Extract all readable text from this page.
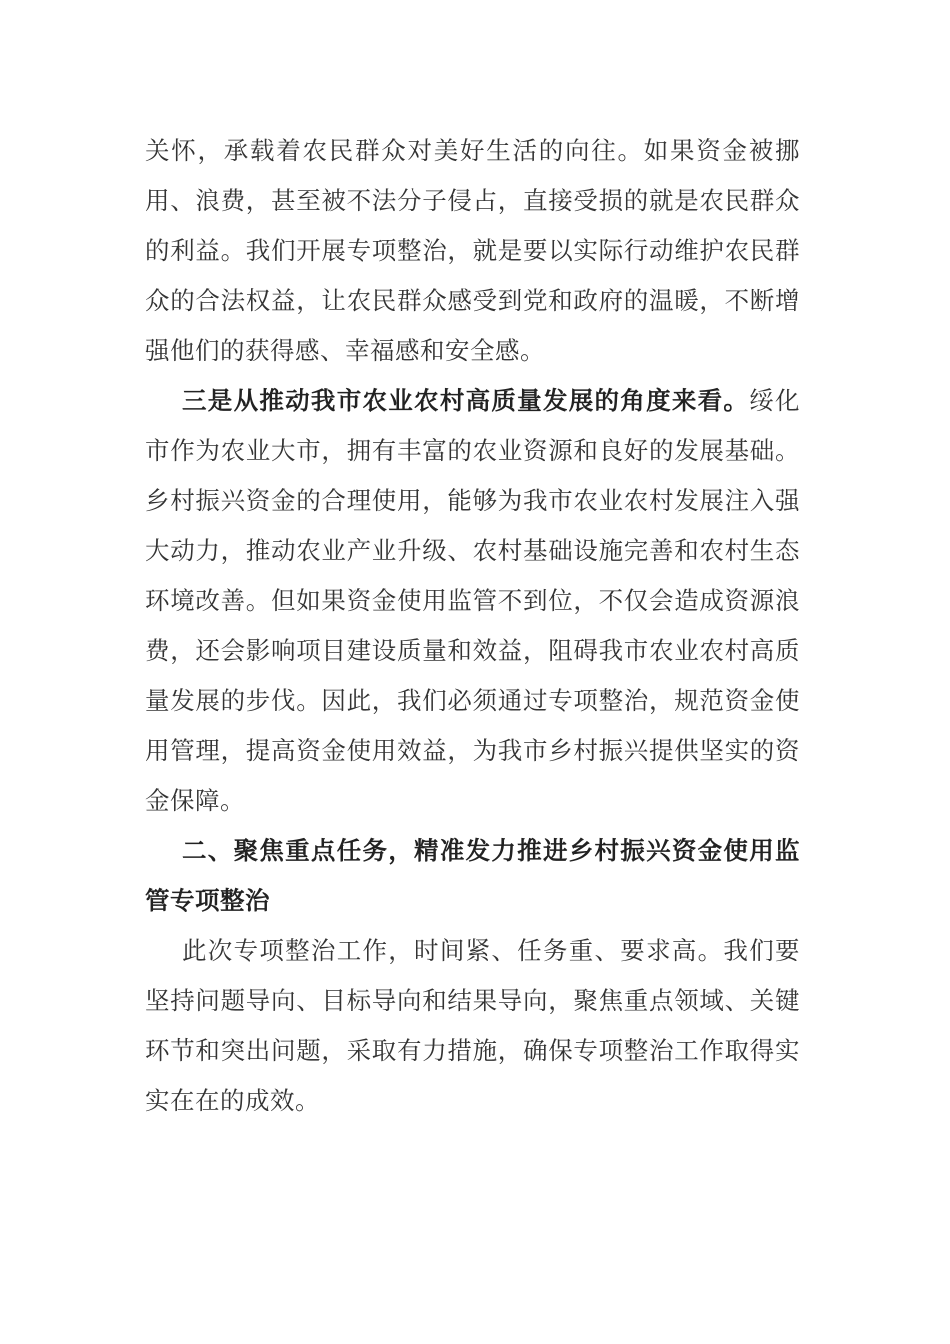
关怀，承载着农民群众对美好生活的向往。如果资金被挪用、浪费，甚至被不法分子侵占，直接受损的就是农民群众的利益。我们开展专项整治，就是要以实际行动维护农民群众的合法权益，让农民群众感受到党和政府的温暖，不断增强他们的获得感、幸福感和安全感。

三是从推动我市农业农村高质量发展的角度来看。绥化市作为农业大市，拥有丰富的农业资源和良好的发展基础。乡村振兴资金的合理使用，能够为我市农业农村发展注入强大动力，推动农业产业升级、农村基础设施完善和农村生态环境改善。但如果资金使用监管不到位，不仅会造成资源浪费，还会影响项目建设质量和效益，阻碍我市农业农村高质量发展的步伐。因此，我们必须通过专项整治，规范资金使用管理，提高资金使用效益，为我市乡村振兴提供坚实的资金保障。

二、聚焦重点任务，精准发力推进乡村振兴资金使用监管专项整治

此次专项整治工作，时间紧、任务重、要求高。我们要坚持问题导向、目标导向和结果导向，聚焦重点领域、关键环节和突出问题，采取有力措施，确保专项整治工作取得实实在在的成效。
